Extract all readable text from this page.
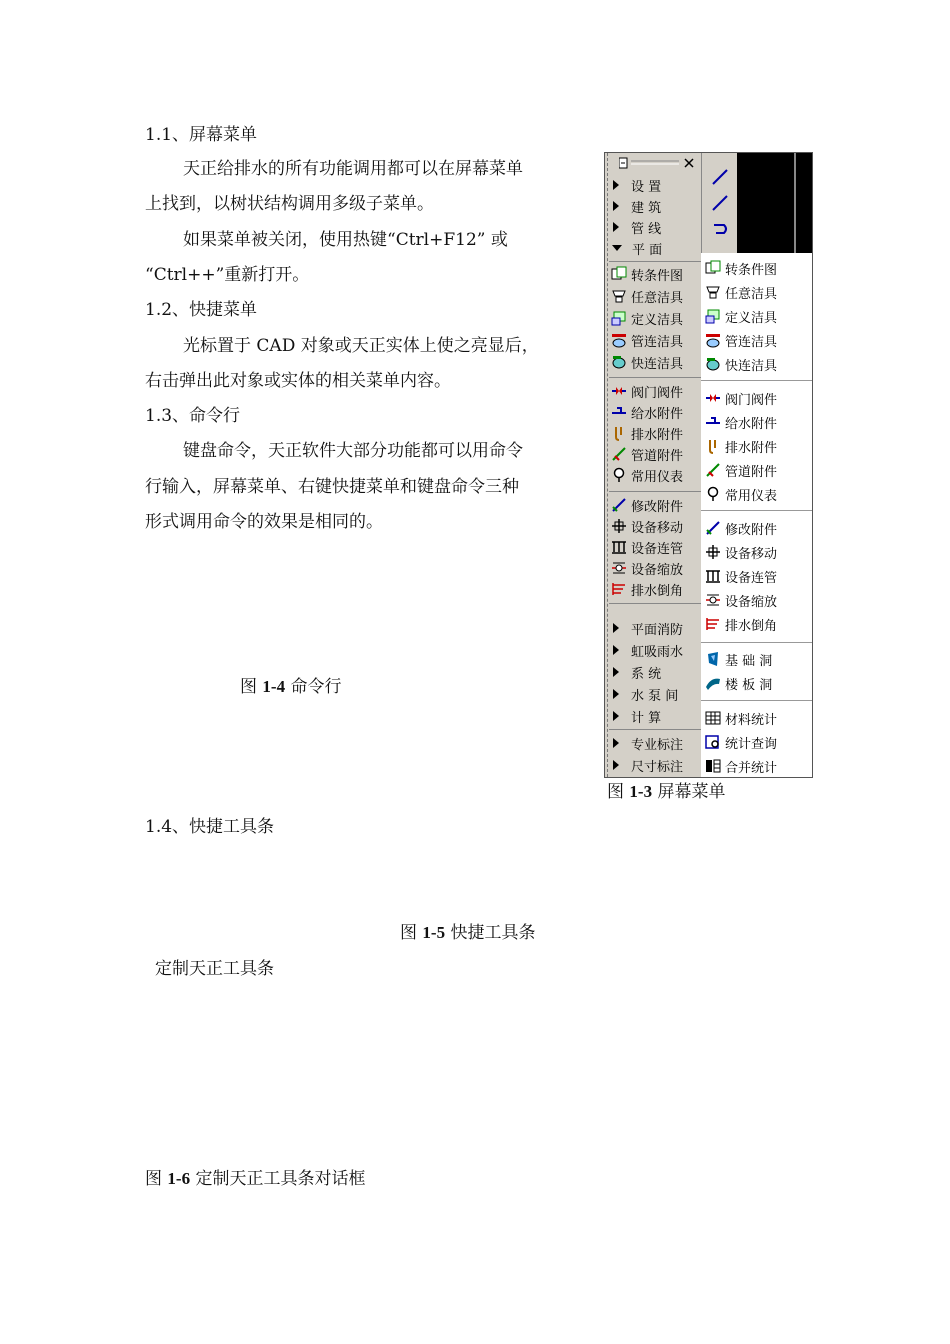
1.1、屏幕菜单
天正给排水的所有功能调用都可以在屏幕菜单
上找到，以树状结构调用多级子菜单。
如果菜单被关闭，使用热键“Ctrl+F12” 或
“Ctrl++”重新打开。
1.2、快捷菜单
光标置于 CAD 对象或天正实体上使之亮显后，
右击弹出此对象或实体的相关菜单内容。
1.3、命令行
键盘命令，天正软件大部分功能都可以用命令
行输入，屏幕菜单、右键快捷菜单和键盘命令三种
形式调用命令的效果是相同的。
图 1-4 命令行
图 1-3 屏幕菜单
1.4、快捷工具条
图 1-5 快捷工具条
定制天正工具条
图 1-6 定制天正工具条对话框
设 置
建 筑
管 线
平 面
转条件图
任意洁具
定义洁具
管连洁具
快连洁具
阀门阀件
给水附件
排水附件
管道附件
常用仪表
修改附件
设备移动
设备连管
设备缩放
排水倒角
平面消防
虹吸雨水
系 统
水 泵 间
计 算
专业标注
尺寸标注
转条件图
任意洁具
定义洁具
管连洁具
快连洁具
阀门阀件
给水附件
排水附件
管道附件
常用仪表
修改附件
设备移动
设备连管
设备缩放
排水倒角
基 础 洞
楼 板 洞
材料统计
统计查询
合并统计
